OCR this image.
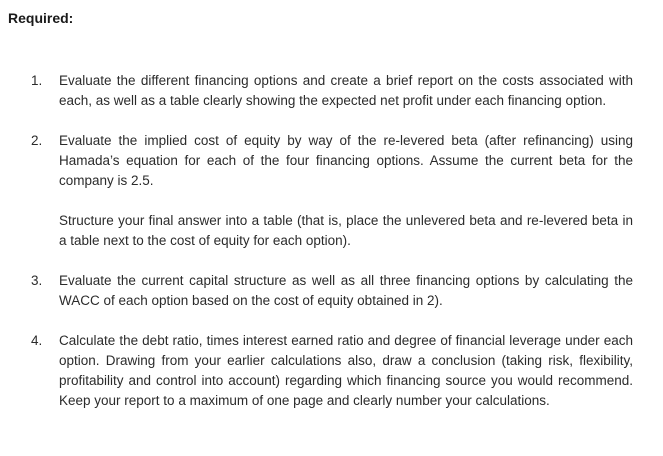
Required:
1. Evaluate the different financing options and create a brief report on the costs associated with each, as well as a table clearly showing the expected net profit under each financing option.

2. Evaluate the implied cost of equity by way of the re-levered beta (after refinancing) using Hamada’s equation for each of the four financing options. Assume the current beta for the company is 2.5.

Structure your final answer into a table (that is, place the unlevered beta and re-levered beta in a table next to the cost of equity for each option).

3. Evaluate the current capital structure as well as all three financing options by calculating the WACC of each option based on the cost of equity obtained in 2).

4. Calculate the debt ratio, times interest earned ratio and degree of financial leverage under each option. Drawing from your earlier calculations also, draw a conclusion (taking risk, flexibility, profitability and control into account) regarding which financing source you would recommend. Keep your report to a maximum of one page and clearly number your calculations.
